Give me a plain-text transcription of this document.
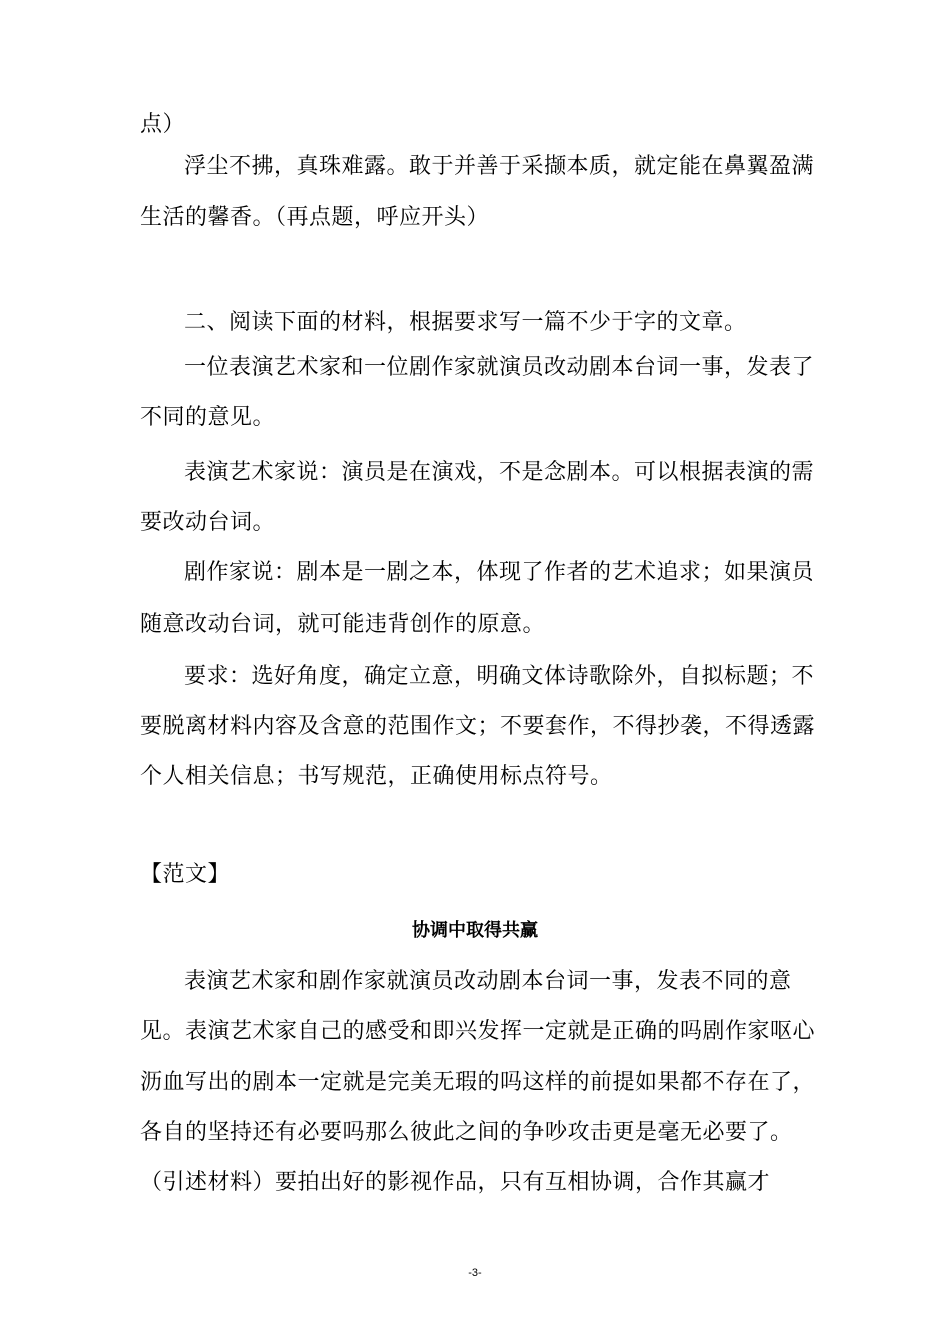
点）
浮尘不拂，真珠难露。敢于并善于采撷本质，就定能在鼻翼盈满
生活的馨香。（再点题，呼应开头）
二、阅读下面的材料，根据要求写一篇不少于字的文章。
一位表演艺术家和一位剧作家就演员改动剧本台词一事，发表了
不同的意见。
表演艺术家说：演员是在演戏，不是念剧本。可以根据表演的需
要改动台词。
剧作家说：剧本是一剧之本，体现了作者的艺术追求；如果演员
随意改动台词，就可能违背创作的原意。
要求：选好角度，确定立意，明确文体诗歌除外，自拟标题；不
要脱离材料内容及含意的范围作文；不要套作，不得抄袭，不得透露
个人相关信息；书写规范，正确使用标点符号。
【范文】
协调中取得共赢
表演艺术家和剧作家就演员改动剧本台词一事，发表不同的意
见。表演艺术家自己的感受和即兴发挥一定就是正确的吗剧作家呕心
沥血写出的剧本一定就是完美无瑕的吗这样的前提如果都不存在了，
各自的坚持还有必要吗那么彼此之间的争吵攻击更是毫无必要了。
（引述材料）要拍出好的影视作品，只有互相协调，合作其赢才
-3-
